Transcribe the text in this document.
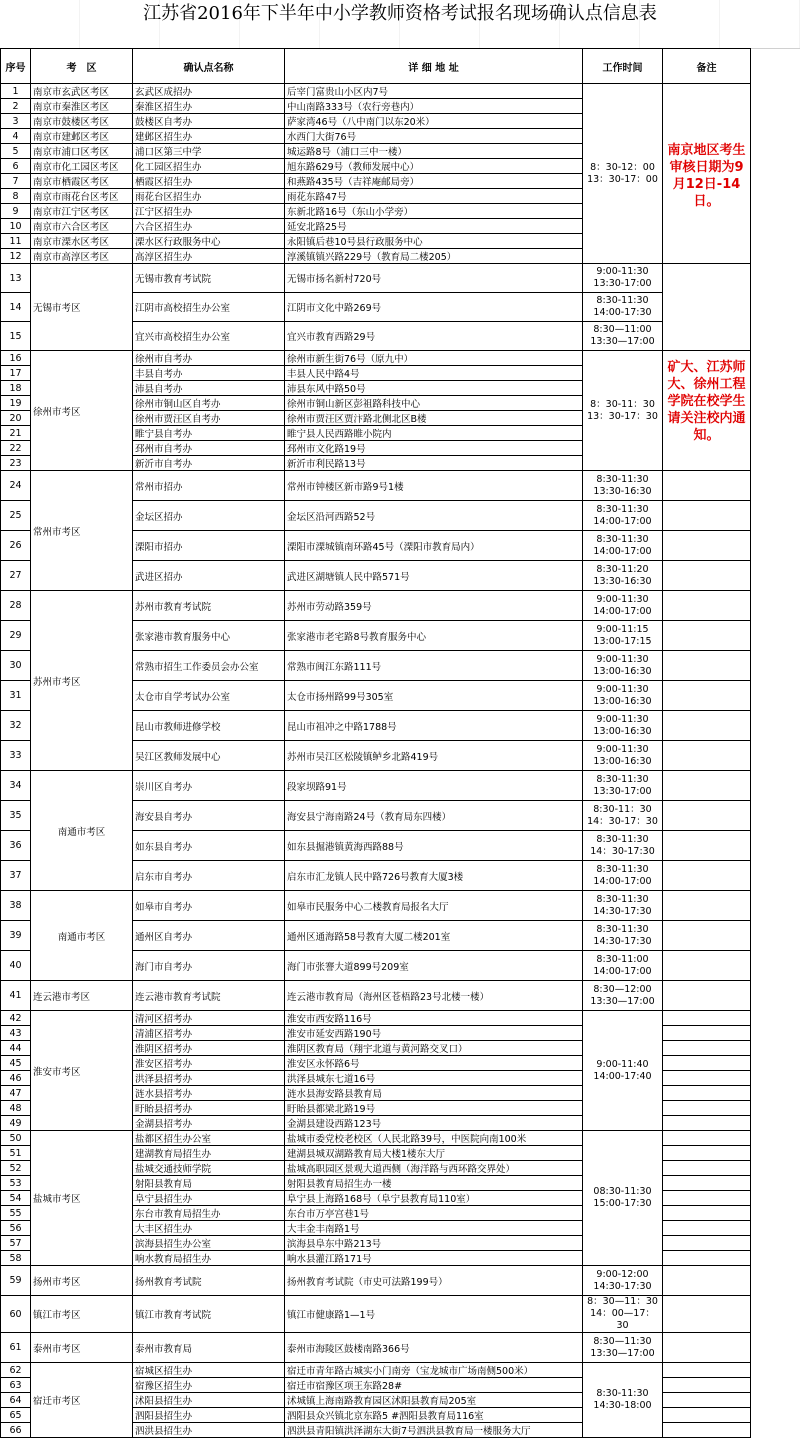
江苏省2016年下半年中小学教师资格考试报名现场确认点信息表
序号	考　区	确认点名称	详 细 地 址	工作时间	备注
1	南京市玄武区考区	玄武区成招办	后宰门富贵山小区内7号	8：30-12：00
13：30-17：00	南京地区考生审核日期为9月12日-14日。
2	南京市秦淮区考区	秦淮区招生办	中山南路333号（农行旁巷内）		
3	南京市鼓楼区考区	鼓楼区自考办	萨家湾46号（八中南门以东20米）		
4	南京市建邺区考区	建邺区招生办	水西门大街76号		
5	南京市浦口区考区	浦口区第三中学	城运路8号（浦口三中一楼）		
6	南京市化工园区考区	化工园区招生办	旭东路629号（教师发展中心）		
7	南京市栖霞区考区	栖霞区招生办	和燕路435号（吉祥庵邮局旁）		
8	南京市雨花台区考区	雨花台区招生办	雨花东路47号		
9	南京市江宁区考区	江宁区招生办	东新北路16号（东山小学旁）		
10	南京市六合区考区	六合区招生办	延安北路25号		
11	南京市溧水区考区	溧水区行政服务中心	永阳镇后巷10号县行政服务中心		
12	南京市高淳区考区	高淳区招生办	淳溪镇镇兴路229号（教育局二楼205）		
13	无锡市考区	无锡市教育考试院	无锡市扬名新村720号	9:00-11:30
13:30-17:00	
14		江阴市高校招生办公室	江阴市文化中路269号	8:30-11:30
14:00-17:30	
15		宜兴市高校招生办公室	宜兴市教育西路29号	8:30—11:00
13:30—17:00	
16	徐州市考区	徐州市自考办	徐州市新生街76号（原九中）	8：30-11：30
13：30-17：30	矿大、江苏师大、徐州工程学院在校学生请关注校内通知。
17		丰县自考办	丰县人民中路4号		
18		沛县自考办	沛县东风中路50号		
19		徐州市铜山区自考办	徐州市铜山新区彭祖路科技中心		
20		徐州市贾汪区自考办	徐州市贾汪区贾汴路北侧北区B楼		
21		睢宁县自考办	睢宁县人民西路睢小院内		
22		邳州市自考办	邳州市文化路19号		
23		新沂市自考办	新沂市利民路13号		
24	常州市考区	常州市招办	常州市钟楼区新市路9号1楼	8:30-11:30
13:30-16:30	
25		金坛区招办	金坛区沿河西路52号	8:30-11:30
14:00-17:00	
26		溧阳市招办	溧阳市溧城镇南环路45号（溧阳市教育局内）	8:30-11:30
14:00-17:00	
27		武进区招办	武进区湖塘镇人民中路571号	8:30-11:20
13:30-16:30	
28	苏州市考区	苏州市教育考试院	苏州市劳动路359号	9:00-11:30
14:00-17:00	
29		张家港市教育服务中心	张家港市老宅路8号教育服务中心	9:00-11:15
13:00-17:15	
30		常熟市招生工作委员会办公室	常熟市闽江东路111号	9:00-11:30
13:00-16:30	
31		太仓市自学考试办公室	太仓市扬州路99号305室	9:00-11:30
13:00-16:30	
32		昆山市教师进修学校	昆山市祖冲之中路1788号	9:00-11:30
13:00-16:30	
33		吴江区教师发展中心	苏州市吴江区松陵镇鲈乡北路419号	9:00-11:30
13:00-16:30	
34	南通市考区	崇川区自考办	段家坝路91号	8:30-11:30
13:30-17:00	
35		海安县自考办	海安县宁海南路24号（教育局东四楼）	8:30-11：30
14：30-17：30	
36		如东县自考办	如东县掘港镇黄海西路88号	8:30-11:30
14：30-17:30	
37		启东市自考办	启东市汇龙镇人民中路726号教育大厦3楼	8:30-11:30
14:00-17:00	
38	南通市考区	如皋市自考办	如皋市民服务中心二楼教育局报名大厅	8:30-11:30
14:30-17:30	
39		通州区自考办	通州区通海路58号教育大厦二楼201室	8:30-11:30
14:30-17:30	
40		海门市自考办	海门市张謇大道899号209室	8:30-11:00
14:00-17:00	
41	连云港市考区	连云港市教育考试院	连云港市教育局（海州区苍梧路23号北楼一楼）	8:30—12:00
13:30—17:00	
42	淮安市考区	清河区招考办	淮安市西安路116号	9:00-11:40
14:00-17:40	
43		清浦区招考办	淮安市延安西路190号		
44		淮阴区招考办	淮阴区教育局（翔宇北道与黄河路交叉口）		
45		淮安区招考办	淮安区永怀路6号		
46		洪泽县招考办	洪泽县城东七道16号		
47		涟水县招考办	涟水县海安路县教育局		
48		盱眙县招考办	盱眙县都梁北路19号		
49		金湖县招考办	金湖县建设西路123号		
50	盐城市考区	盐都区招生办公室	盐城市委党校老校区（人民北路39号，中医院向南100米	08:30-11:30
15:00-17:30	
51		建湖教育局招生办	建湖县城双湖路教育局大楼1楼东大厅		
52		盐城交通技师学院	盐城高职园区景观大道西侧（海洋路与西环路交界处）		
53		射阳县教育局	射阳县教育局招生办一楼		
54		阜宁县招生办	阜宁县上海路168号（阜宁县教育局110室）		
55		东台市教育局招生办	东台市万亭宫巷1号		
56		大丰区招生办	大丰金丰南路1号		
57		滨海县招生办公室	滨海县阜东中路213号		
58		响水教育局招生办	响水县灌江路171号		
59	扬州市考区	扬州教育考试院	扬州教育考试院（市史可法路199号）	9:00-12:00
14:30-17:30	
60	镇江市考区	镇江市教育考试院	镇江市健康路1—1号	8：30—11：30
14：00—17：30	
61	泰州市考区	泰州市教育局	泰州市海陵区鼓楼南路366号	8:30—11:30
13:30—17:00	
62	宿迁市考区	宿城区招生办	宿迁市青年路古城实小门南旁（宝龙城市广场南侧500米）	8:30-11:30
14:30-18:00	
63		宿豫区招生办	宿迁市宿豫区项王东路28#		
64		沭阳县招生办	沭城镇上海南路教育园区沭阳县教育局205室		
65		泗阳县招生办	泗阳县众兴镇北京东路5 #泗阳县教育局116室		
66		泗洪县招生办	泗洪县青阳镇洪泽湖东大街7号泗洪县教育局一楼服务大厅		
